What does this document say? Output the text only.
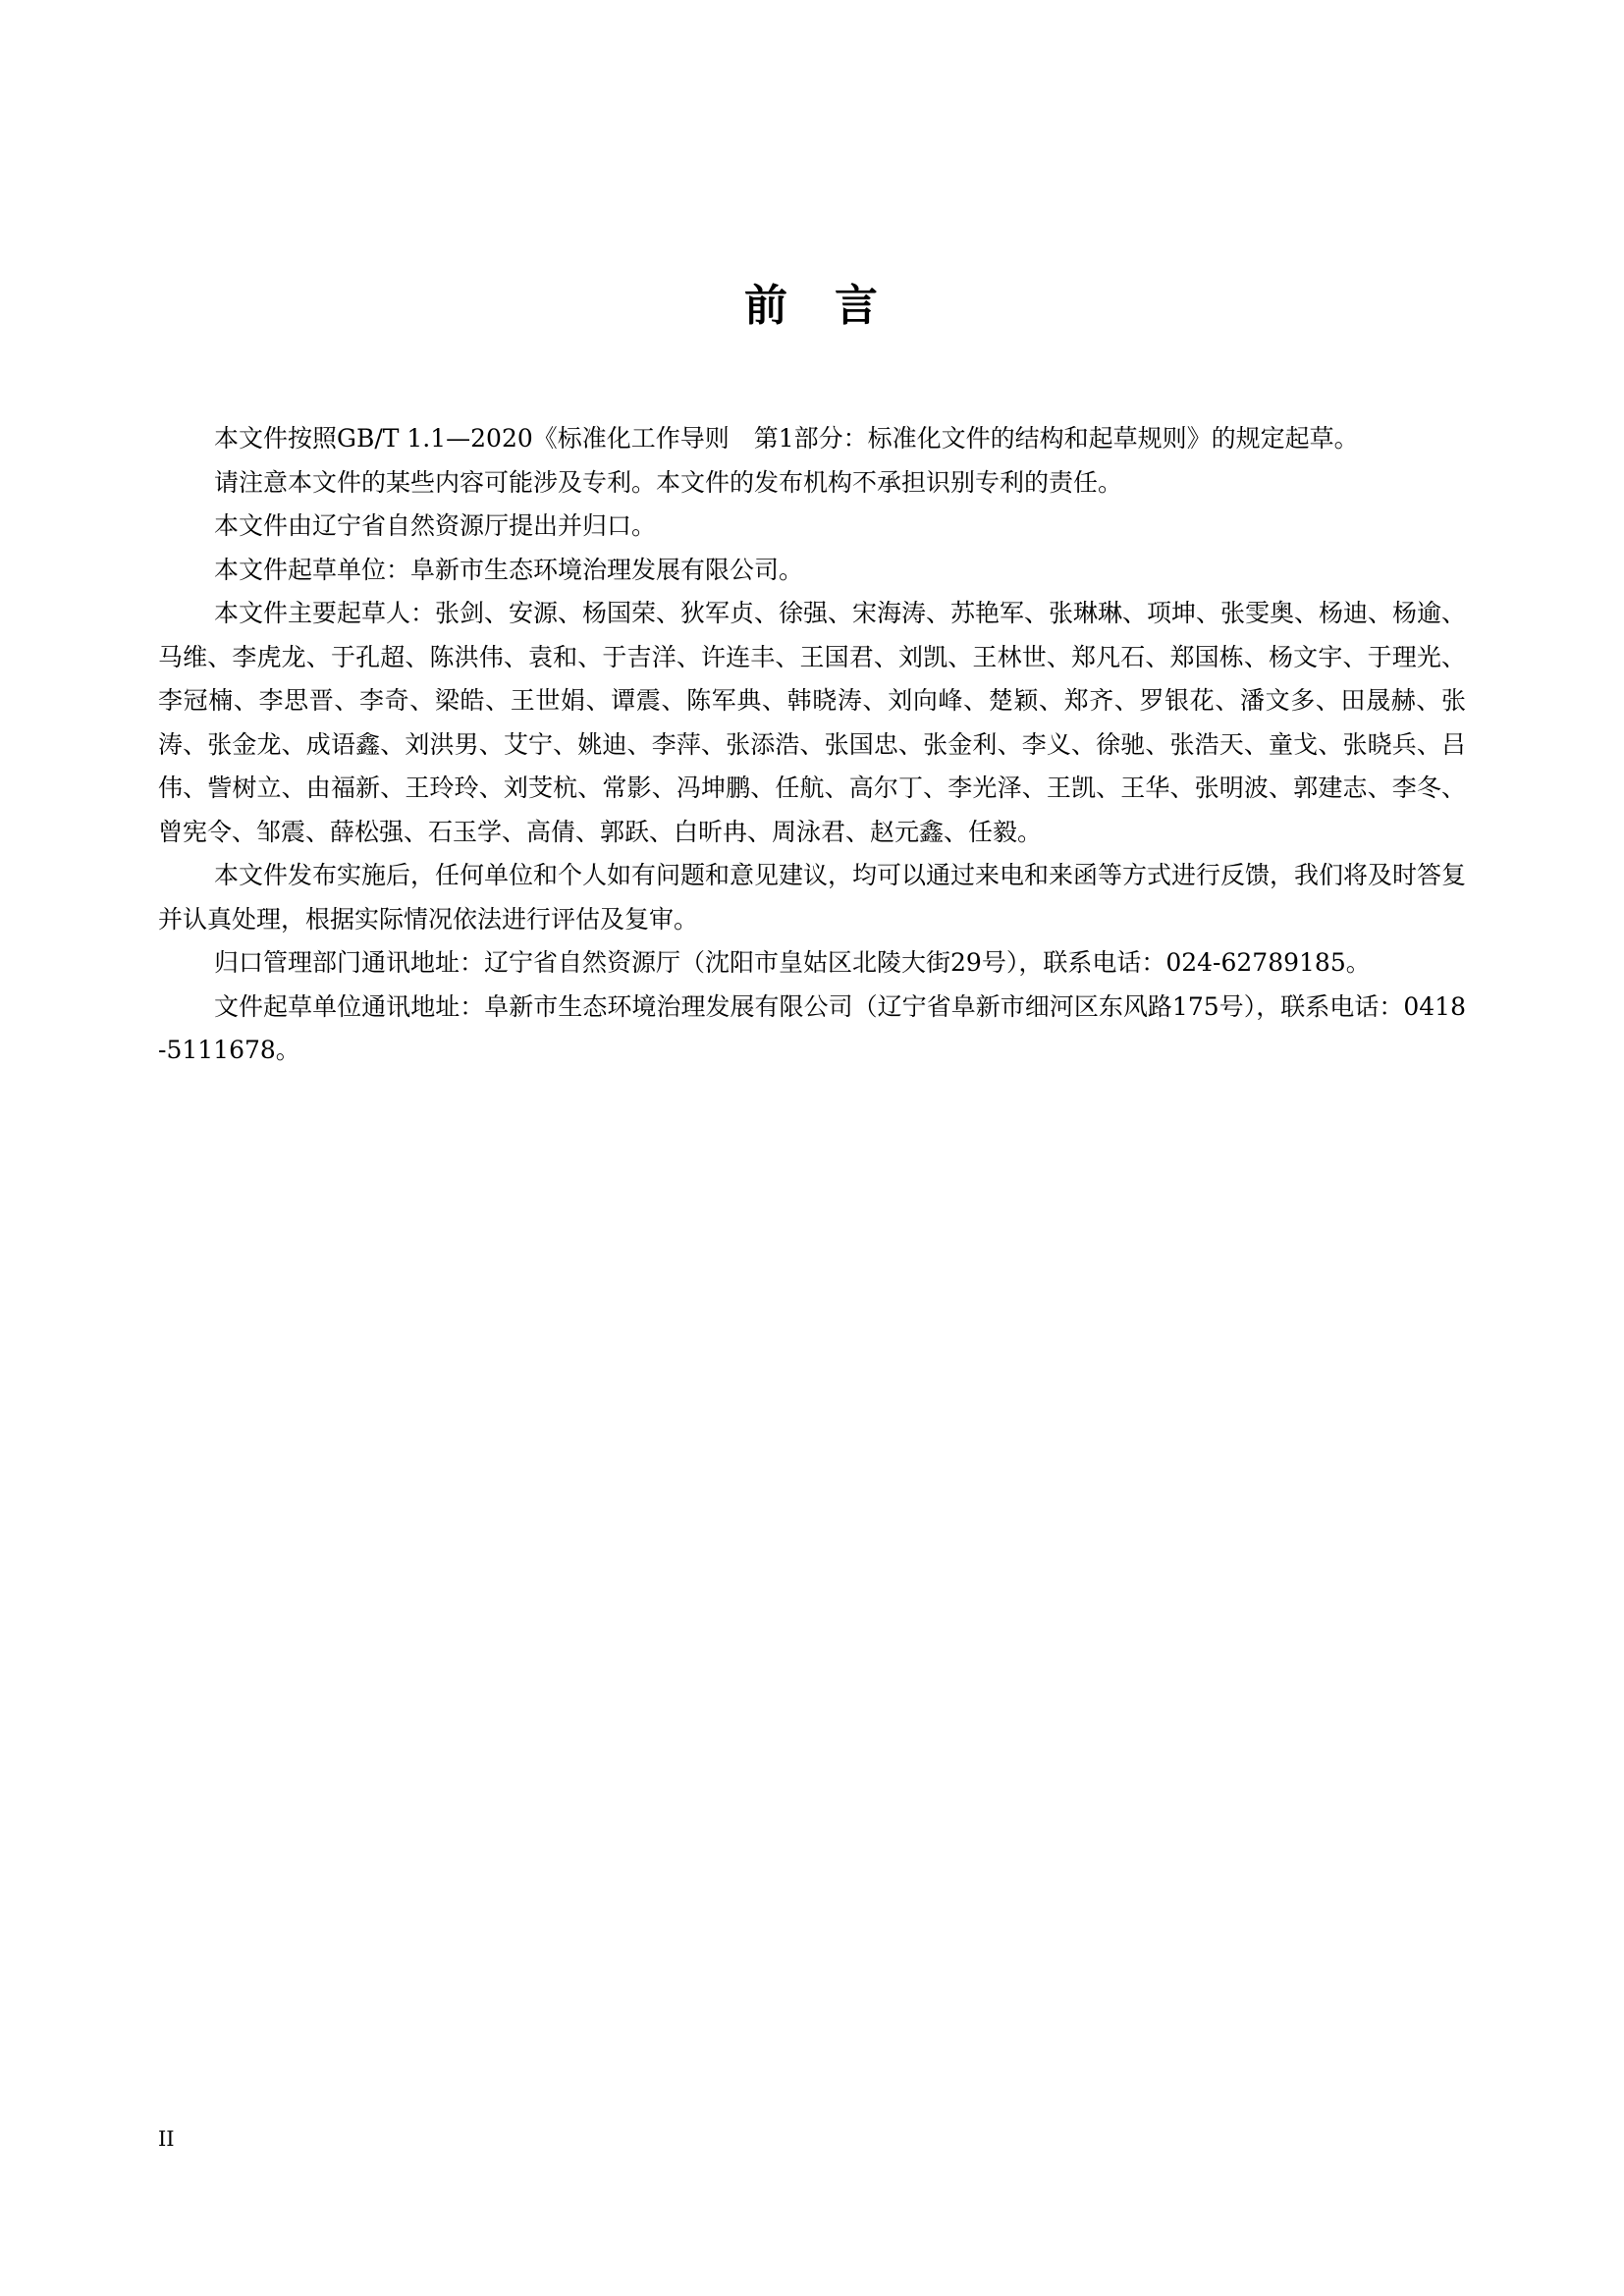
前　言

本文件按照GB/T 1.1—2020《标准化工作导则　第1部分：标准化文件的结构和起草规则》的规定起草。

请注意本文件的某些内容可能涉及专利。本文件的发布机构不承担识别专利的责任。

本文件由辽宁省自然资源厅提出并归口。

本文件起草单位：阜新市生态环境治理发展有限公司。

本文件主要起草人：张剑、安源、杨国荣、狄军贞、徐强、宋海涛、苏艳军、张琳琳、项坤、张雯奥、杨迪、杨逾、马维、李虎龙、于孔超、陈洪伟、袁和、于吉洋、许连丰、王国君、刘凯、王林世、郑凡石、郑国栋、杨文宇、于理光、李冠楠、李思晋、李奇、梁皓、王世娟、谭震、陈军典、韩晓涛、刘向峰、楚颖、郑齐、罗银花、潘文多、田晟赫、张涛、张金龙、成语鑫、刘洪男、艾宁、姚迪、李萍、张添浩、张国忠、张金利、李义、徐驰、张浩天、童戈、张晓兵、吕伟、訾树立、由福新、王玲玲、刘芠杭、常影、冯坤鹏、任航、高尔丁、李光泽、王凯、王华、张明波、郭建志、李冬、曾宪令、邹震、薛松强、石玉学、高倩、郭跃、白昕冉、周泳君、赵元鑫、任毅。

本文件发布实施后，任何单位和个人如有问题和意见建议，均可以通过来电和来函等方式进行反馈，我们将及时答复并认真处理，根据实际情况依法进行评估及复审。

归口管理部门通讯地址：辽宁省自然资源厅（沈阳市皇姑区北陵大街29号），联系电话：024-62789185。

文件起草单位通讯地址：阜新市生态环境治理发展有限公司（辽宁省阜新市细河区东风路175号），联系电话：0418-5111678。

II
